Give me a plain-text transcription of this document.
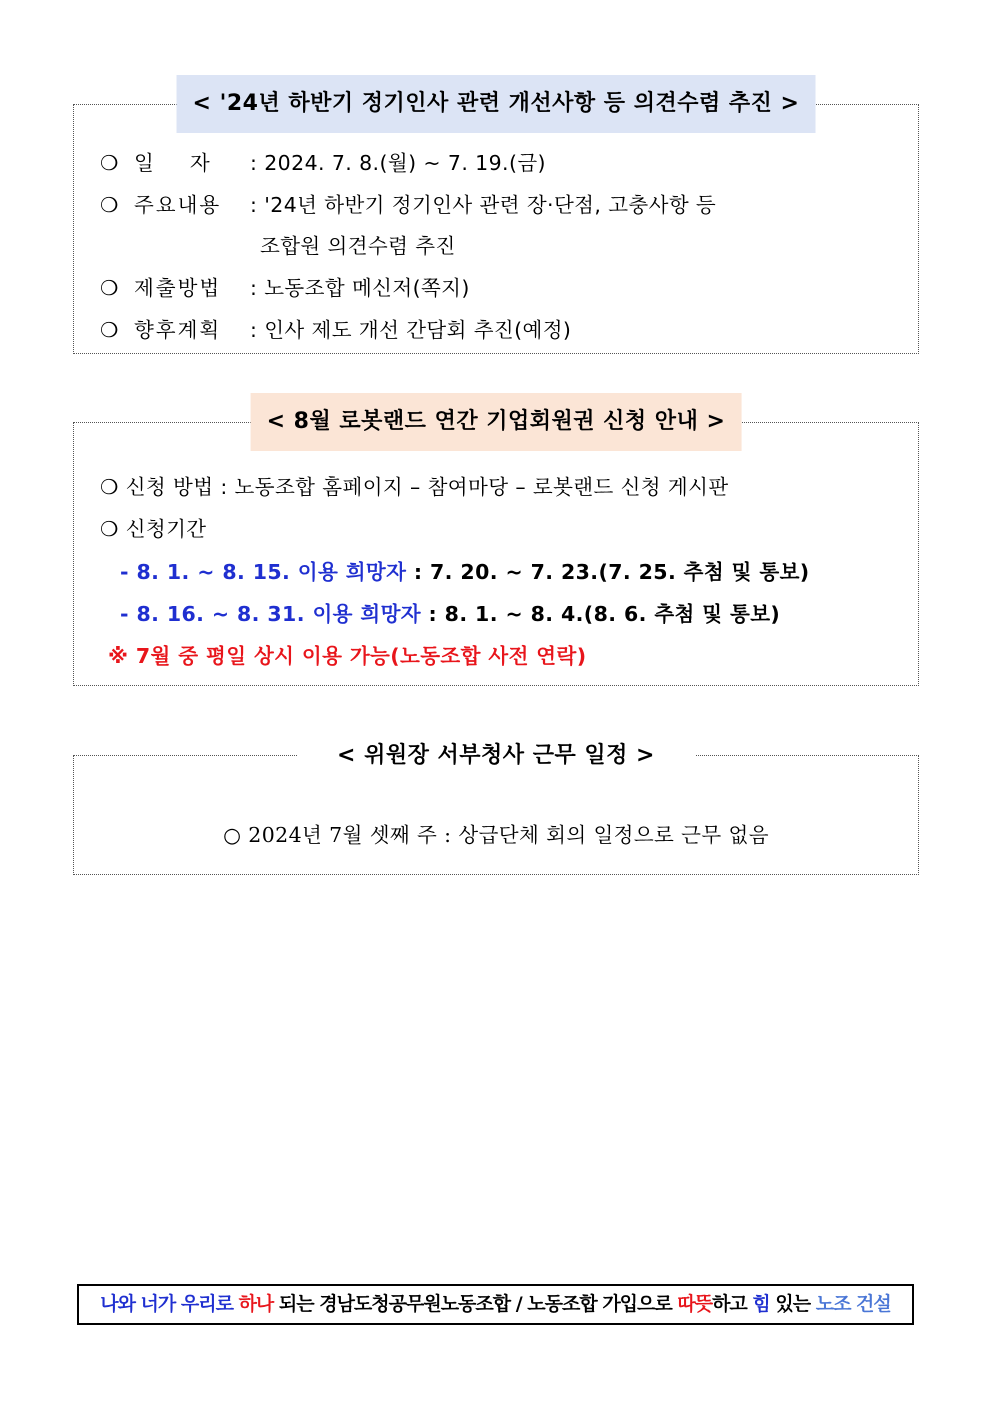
< '24년 하반기 정기인사 관련 개선사항 등 의견수렴 추진 >
❍ 일    자 : 2024. 7. 8.(월) ~ 7. 19.(금)
❍ 주요내용 : '24년 하반기 정기인사 관련 장·단점, 고충사항 등
조합원 의견수렴 추진
❍ 제출방법 : 노동조합 메신저(쪽지)
❍ 향후계획 : 인사 제도 개선 간담회 추진(예정)
< 8월 로봇랜드 연간 기업회원권 신청 안내 >
❍ 신청 방법 : 노동조합 홈페이지 – 참여마당 – 로봇랜드 신청 게시판
❍ 신청기간
- 8. 1. ~ 8. 15. 이용 희망자 : 7. 20. ~ 7. 23.(7. 25. 추첨 및 통보)
- 8. 16. ~ 8. 31. 이용 희망자 : 8. 1. ~ 8. 4.(8. 6. 추첨 및 통보)
※ 7월 중 평일 상시 이용 가능(노동조합 사전 연락)
< 위원장 서부청사 근무 일정 >
○ 2024년 7월 셋째 주 : 상급단체 회의 일정으로 근무 없음
나와 너가 우리로 하나 되는 경남도청공무원노동조합 / 노동조합 가입으로 따뜻하고 힘 있는 노조 건설
